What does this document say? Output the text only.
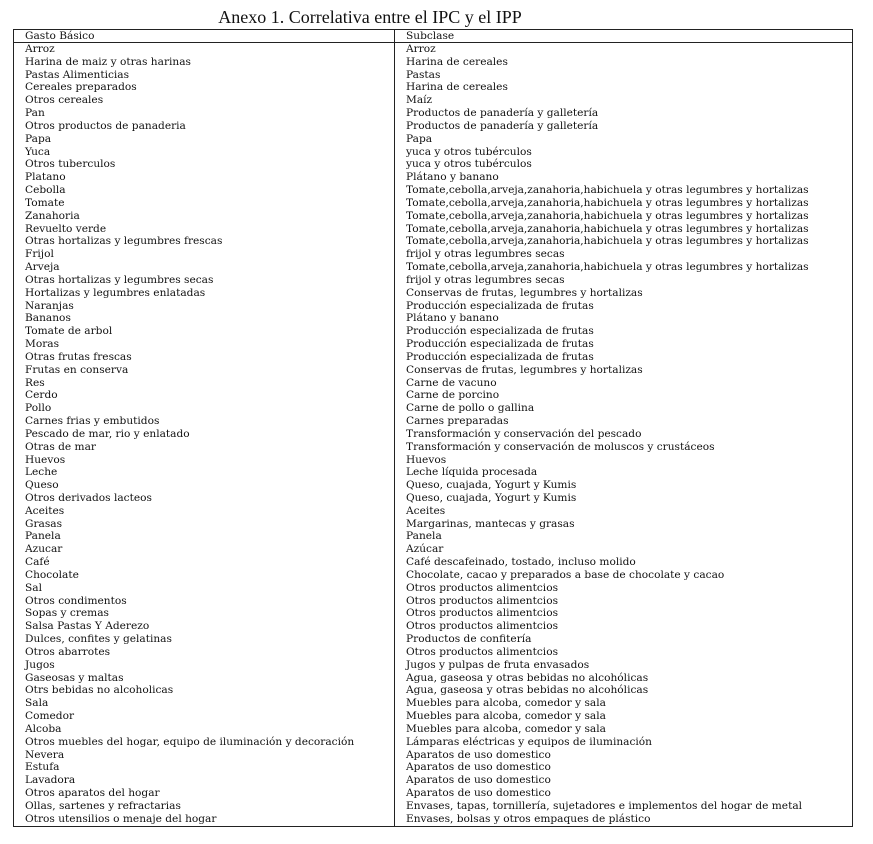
Anexo 1. Correlativa entre el IPC y el IPP
Gasto Básico	Subclase
Arroz	Arroz
Harina de maiz y otras harinas	Harina de cereales
Pastas Alimenticias	Pastas
Cereales preparados	Harina de cereales
Otros cereales	Maíz
Pan	Productos de panadería y galletería
Otros productos de panaderia	Productos de panadería y galletería
Papa	Papa
Yuca	yuca y otros tubérculos
Otros tuberculos	yuca y otros tubérculos
Platano	Plátano y banano
Cebolla	Tomate,cebolla,arveja,zanahoria,habichuela y otras legumbres y hortalizas
Tomate	Tomate,cebolla,arveja,zanahoria,habichuela y otras legumbres y hortalizas
Zanahoria	Tomate,cebolla,arveja,zanahoria,habichuela y otras legumbres y hortalizas
Revuelto verde	Tomate,cebolla,arveja,zanahoria,habichuela y otras legumbres y hortalizas
Otras hortalizas y legumbres frescas	Tomate,cebolla,arveja,zanahoria,habichuela y otras legumbres y hortalizas
Frijol	frijol y otras legumbres secas
Arveja	Tomate,cebolla,arveja,zanahoria,habichuela y otras legumbres y hortalizas
Otras hortalizas y legumbres secas	frijol y otras legumbres secas
Hortalizas y legumbres enlatadas	Conservas de frutas, legumbres y hortalizas
Naranjas	Producción especializada de frutas
Bananos	Plátano y banano
Tomate de arbol	Producción especializada de frutas
Moras	Producción especializada de frutas
Otras frutas frescas	Producción especializada de frutas
Frutas en conserva	Conservas de frutas, legumbres y hortalizas
Res	Carne de vacuno
Cerdo	Carne de porcino
Pollo	Carne de pollo o gallina
Carnes frias y embutidos	Carnes preparadas
Pescado de mar, rio y enlatado	Transformación y conservación del pescado
Otras de mar	Transformación y conservación de moluscos y crustáceos
Huevos	Huevos
Leche	Leche líquida procesada
Queso	Queso, cuajada, Yogurt y Kumis
Otros derivados lacteos	Queso, cuajada, Yogurt y Kumis
Aceites	Aceites
Grasas	Margarinas, mantecas y grasas
Panela	Panela
Azucar	Azúcar
Café	Café descafeinado, tostado, incluso molido
Chocolate	Chocolate, cacao y preparados a base de chocolate y cacao
Sal	Otros productos alimentcios
Otros condimentos	Otros productos alimentcios
Sopas y cremas	Otros productos alimentcios
Salsa Pastas Y Aderezo	Otros productos alimentcios
Dulces, confites y gelatinas	Productos de confitería
Otros abarrotes	Otros productos alimentcios
Jugos	Jugos y pulpas de fruta envasados
Gaseosas y maltas	Agua, gaseosa y otras bebidas no alcohólicas
Otrs bebidas no alcoholicas	Agua, gaseosa y otras bebidas no alcohólicas
Sala	Muebles para alcoba, comedor y sala
Comedor	Muebles para alcoba, comedor y sala
Alcoba	Muebles para alcoba, comedor y sala
Otros muebles del hogar, equipo de iluminación y decoración	Lámparas eléctricas y equipos de iluminación
Nevera	Aparatos de uso domestico
Estufa	Aparatos de uso domestico
Lavadora	Aparatos de uso domestico
Otros aparatos del hogar	Aparatos de uso domestico
Ollas, sartenes y refractarias	Envases, tapas, tornillería, sujetadores e implementos del hogar de metal
Otros utensilios o menaje del hogar	Envases, bolsas y otros empaques de plástico
